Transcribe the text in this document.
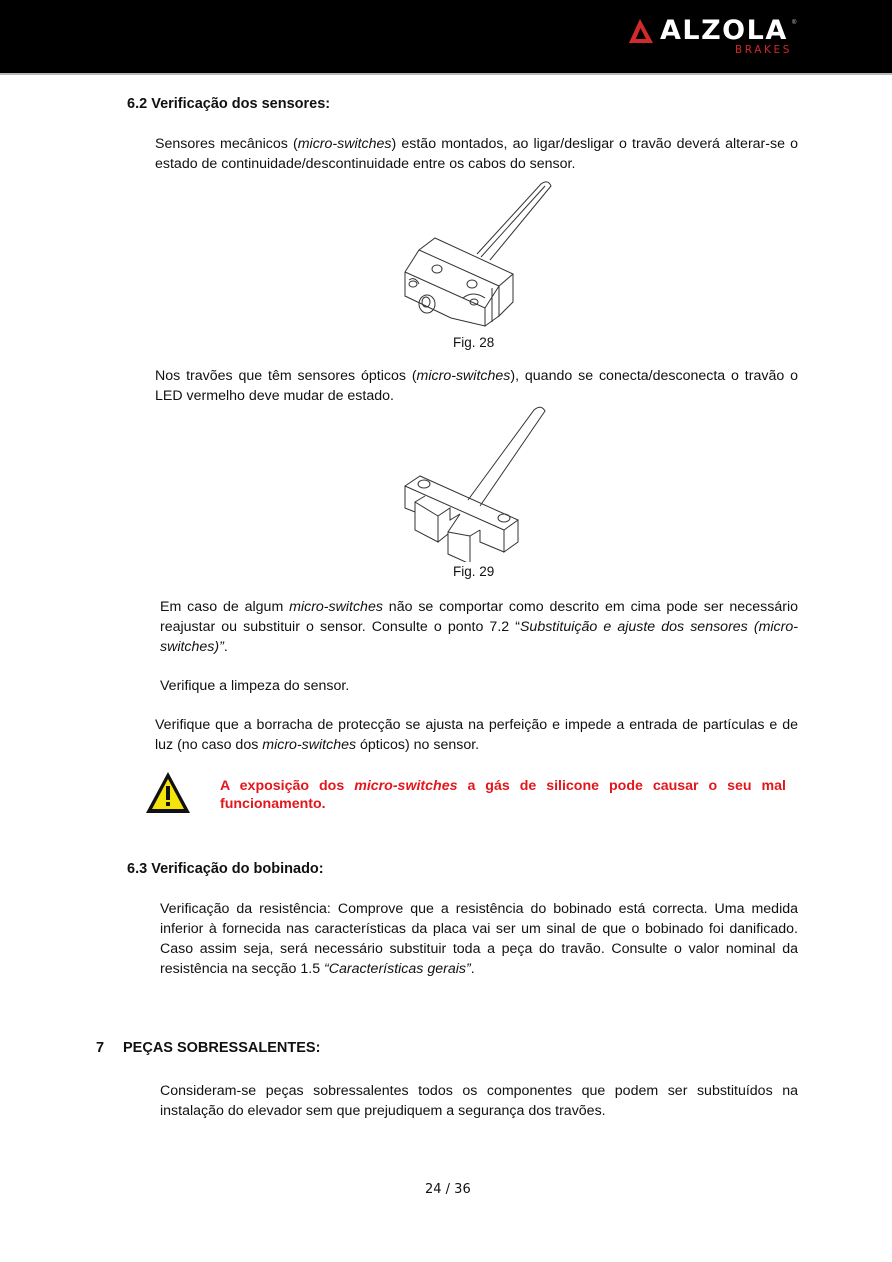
ALZOLA ®
BRAKES
6.2 Verificação dos sensores:
Sensores mecânicos (micro-switches) estão montados, ao ligar/desligar o travão deverá alterar-se o estado de continuidade/descontinuidade entre os cabos do sensor.
Fig. 28
Nos travões que têm sensores ópticos (micro-switches), quando se conecta/desconecta o travão o LED vermelho deve mudar de estado.
Fig. 29
Em caso de algum micro-switches não se comportar como descrito em cima pode ser necessário reajustar ou substituir o sensor. Consulte o ponto 7.2 “Substituição e ajuste dos sensores (micro-switches)”.
Verifique a limpeza do sensor.
Verifique que a borracha de protecção se ajusta na perfeição e impede a entrada de partículas e de luz (no caso dos micro-switches ópticos) no sensor.
A exposição dos micro-switches a gás de silicone pode causar o seu mal funcionamento.
6.3 Verificação do bobinado:
Verificação da resistência: Comprove que a resistência do bobinado está correcta. Uma medida inferior à fornecida nas características da placa vai ser um sinal de que o bobinado foi danificado. Caso assim seja, será necessário substituir toda a peça do travão. Consulte o valor nominal da resistência na secção 1.5 “Características gerais”.
7 PEÇAS SOBRESSALENTES:
Consideram-se peças sobressalentes todos os componentes que podem ser substituídos na instalação do elevador sem que prejudiquem a segurança dos travões.
24 / 36
